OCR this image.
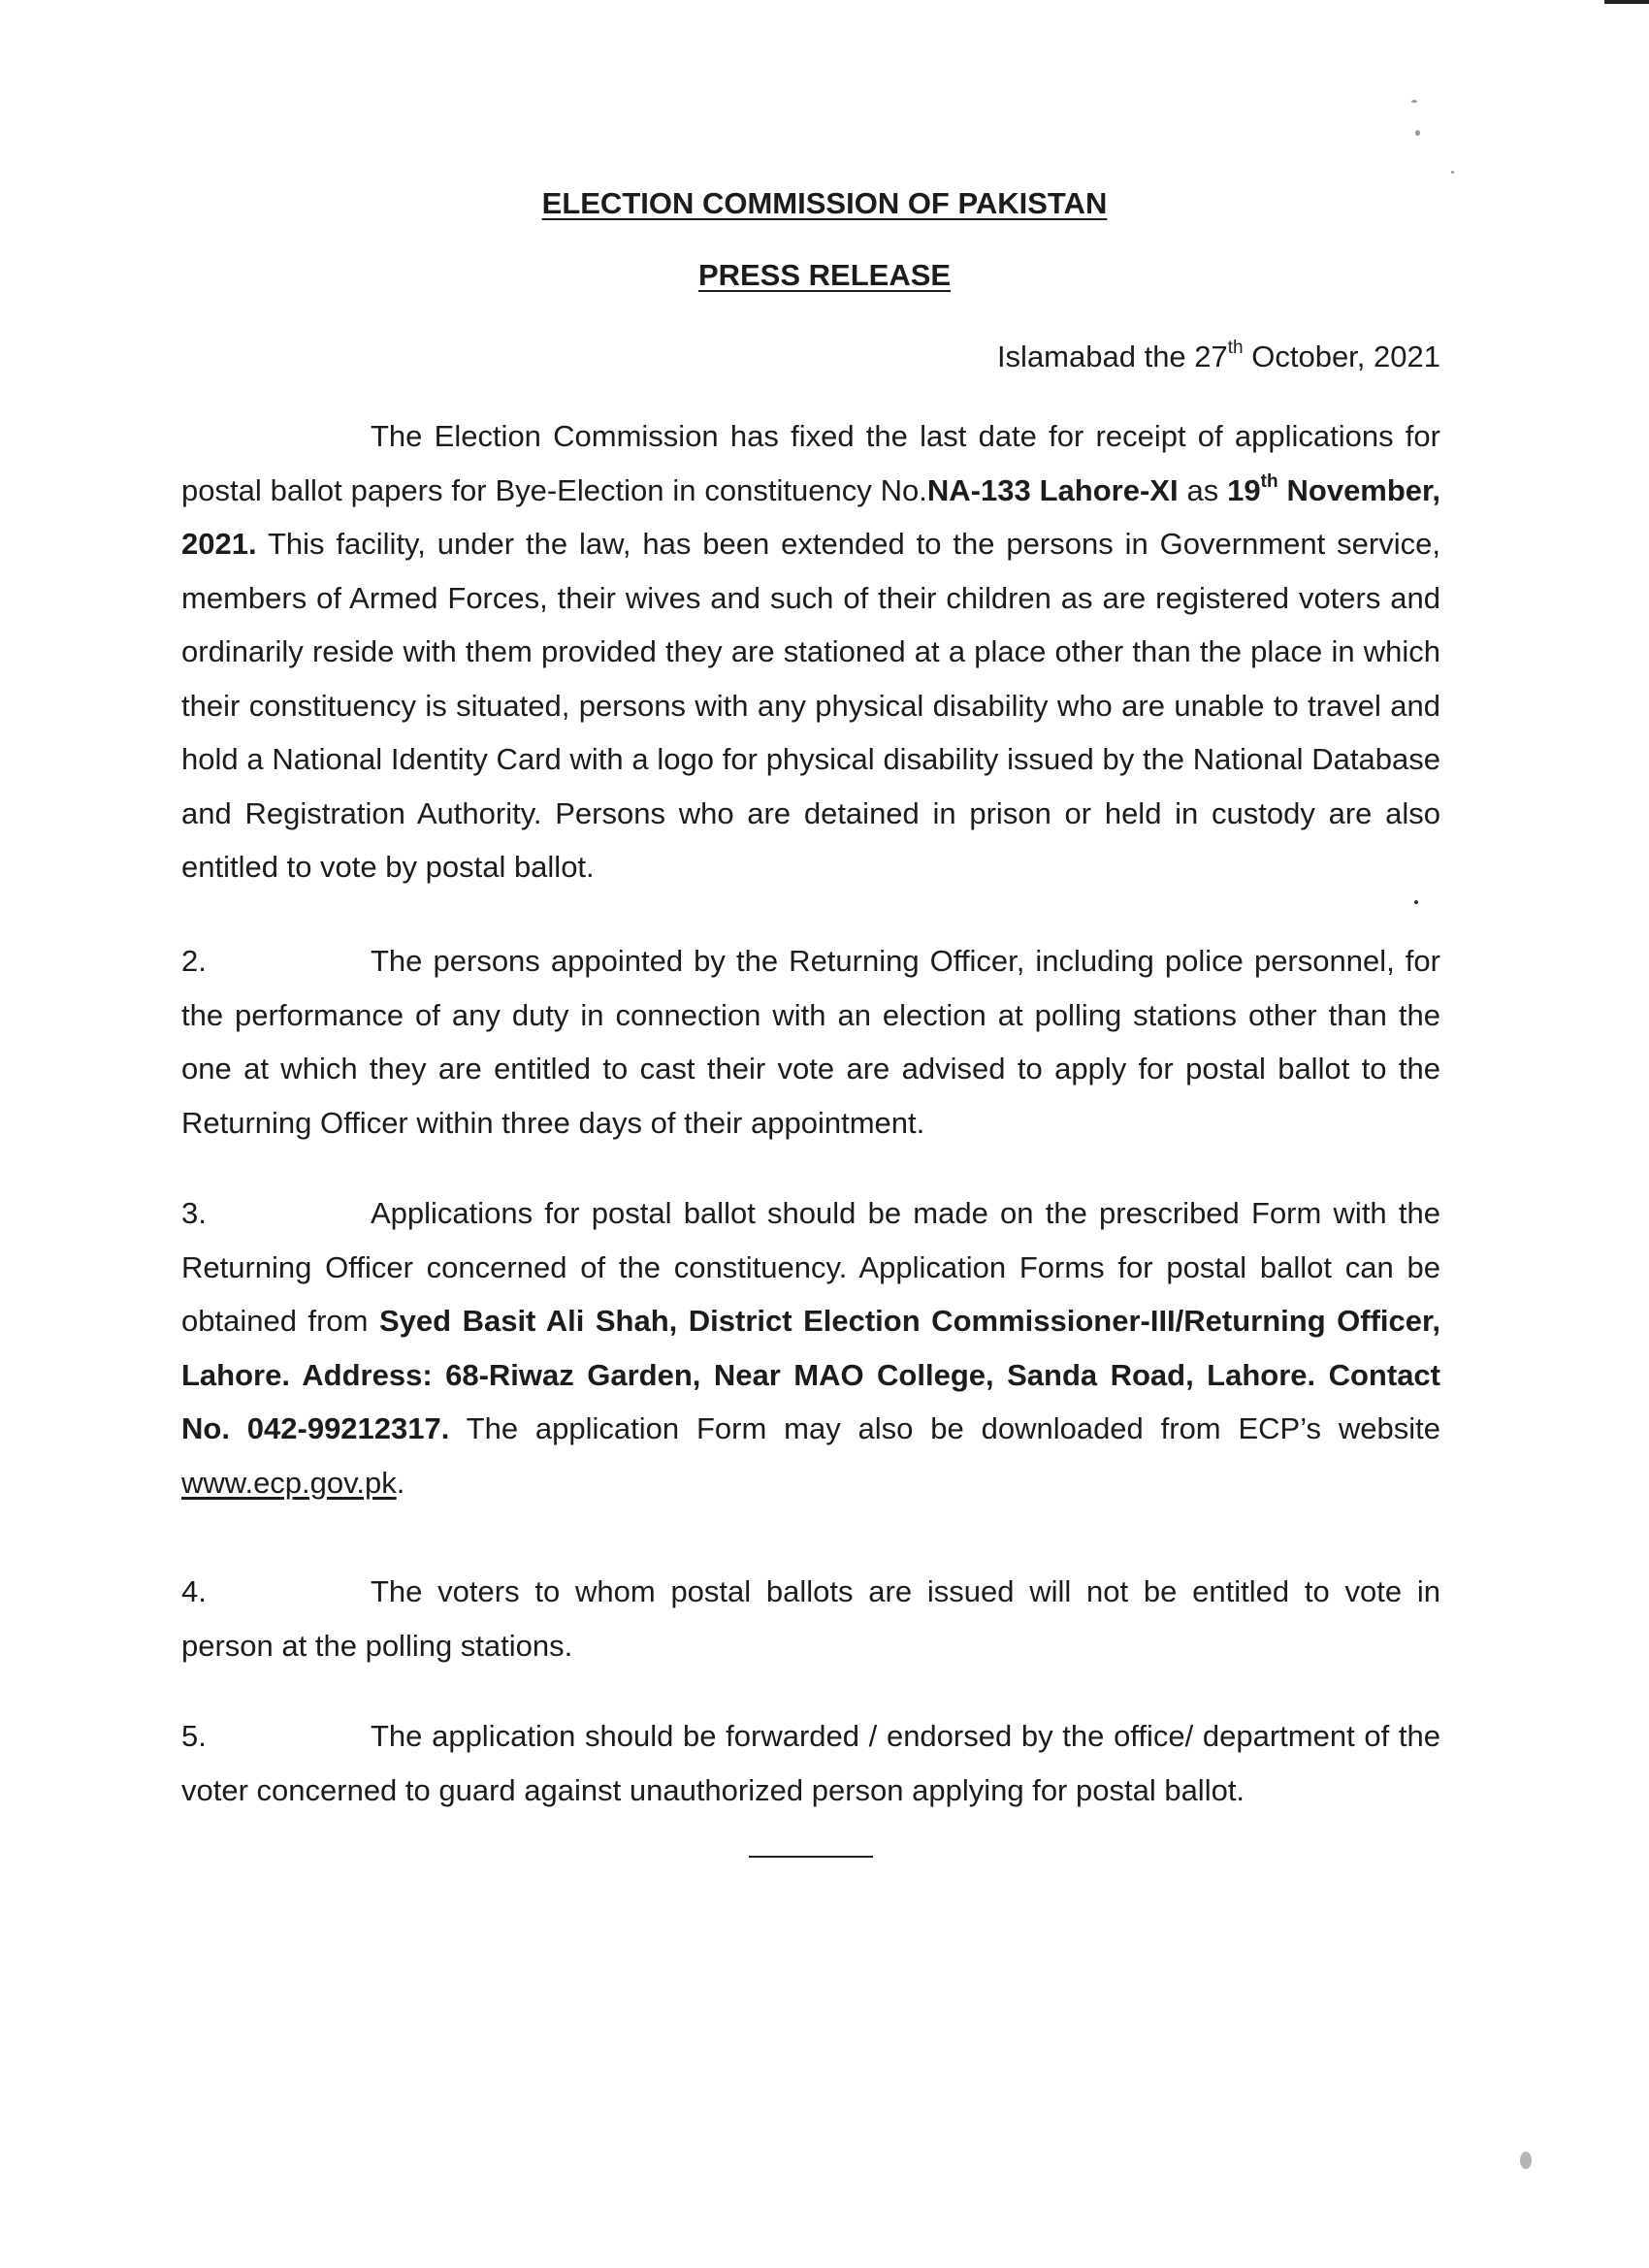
ELECTION COMMISSION OF PAKISTAN
PRESS RELEASE
Islamabad the 27th October, 2021

The Election Commission has fixed the last date for receipt of applications for postal ballot papers for Bye-Election in constituency No.NA-133 Lahore-XI as 19th November, 2021. This facility, under the law, has been extended to the persons in Government service, members of Armed Forces, their wives and such of their children as are registered voters and ordinarily reside with them provided they are stationed at a place other than the place in which their constituency is situated, persons with any physical disability who are unable to travel and hold a National Identity Card with a logo for physical disability issued by the National Database and Registration Authority. Persons who are detained in prison or held in custody are also entitled to vote by postal ballot.

2.	The persons appointed by the Returning Officer, including police personnel, for the performance of any duty in connection with an election at polling stations other than the one at which they are entitled to cast their vote are advised to apply for postal ballot to the Returning Officer within three days of their appointment.

3.	Applications for postal ballot should be made on the prescribed Form with the Returning Officer concerned of the constituency. Application Forms for postal ballot can be obtained from Syed Basit Ali Shah, District Election Commissioner-III/Returning Officer, Lahore. Address: 68-Riwaz Garden, Near MAO College, Sanda Road, Lahore. Contact No. 042-99212317. The application Form may also be downloaded from ECP’s website www.ecp.gov.pk.

4.	The voters to whom postal ballots are issued will not be entitled to vote in person at the polling stations.

5.	The application should be forwarded / endorsed by the office/ department of the voter concerned to guard against unauthorized person applying for postal ballot.
